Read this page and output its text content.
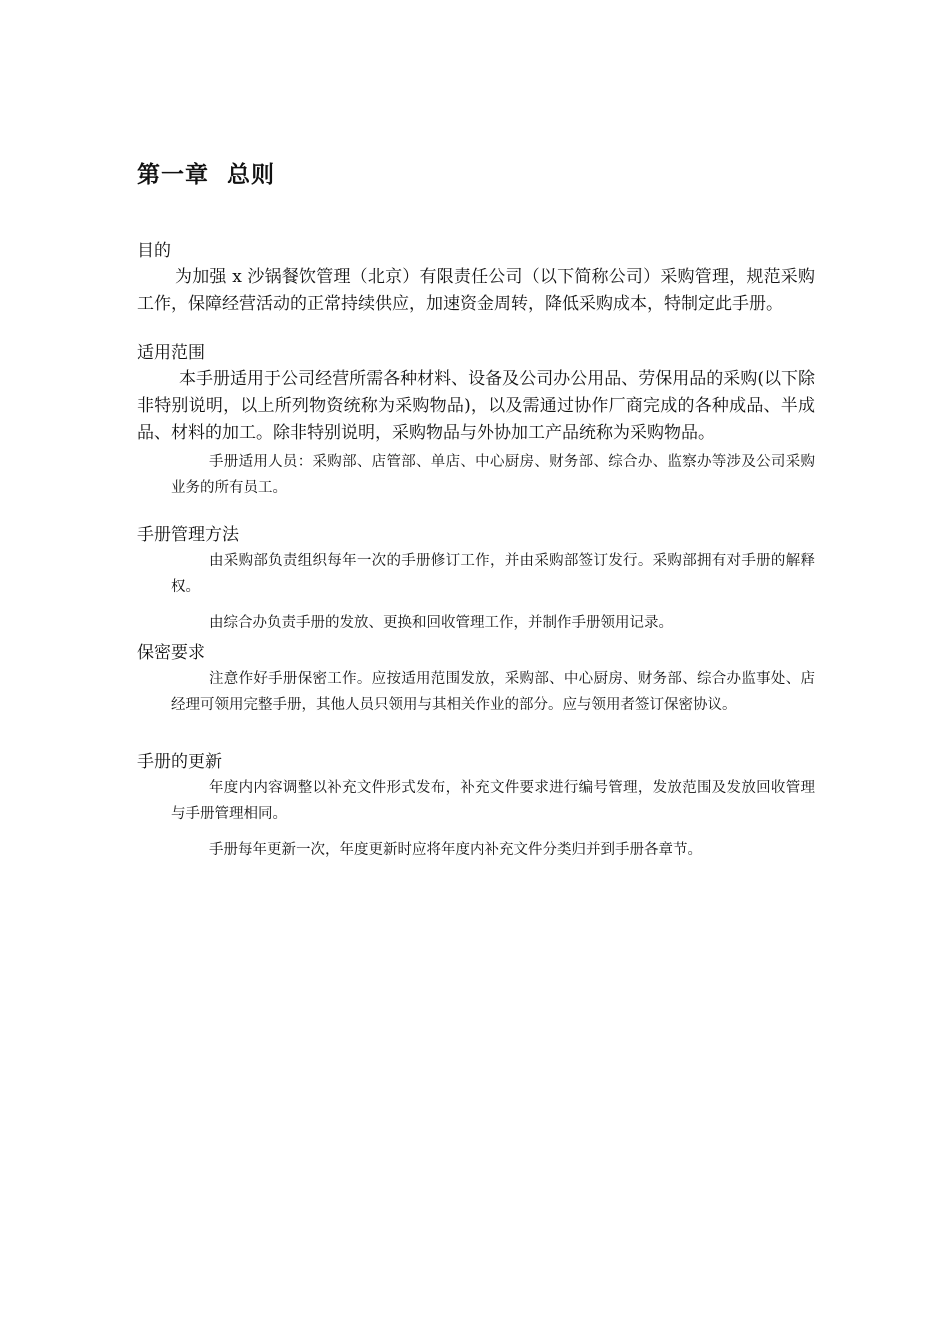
第一章  总则

目的

为加强 x 沙锅餐饮管理（北京）有限责任公司（以下简称公司）采购管理，规范采购工作，保障经营活动的正常持续供应，加速资金周转，降低采购成本，特制定此手册。

适用范围

本手册适用于公司经营所需各种材料、设备及公司办公用品、劳保用品的采购(以下除非特别说明，以上所列物资统称为采购物品)，以及需通过协作厂商完成的各种成品、半成品、材料的加工。除非特别说明，采购物品与外协加工产品统称为采购物品。

手册适用人员：采购部、店管部、单店、中心厨房、财务部、综合办、监察办等涉及公司采购业务的所有员工。

手册管理方法

由采购部负责组织每年一次的手册修订工作，并由采购部签订发行。采购部拥有对手册的解释权。

由综合办负责手册的发放、更换和回收管理工作，并制作手册领用记录。

保密要求

注意作好手册保密工作。应按适用范围发放，采购部、中心厨房、财务部、综合办监事处、店经理可领用完整手册，其他人员只领用与其相关作业的部分。应与领用者签订保密协议。

手册的更新

年度内内容调整以补充文件形式发布，补充文件要求进行编号管理，发放范围及发放回收管理与手册管理相同。

手册每年更新一次，年度更新时应将年度内补充文件分类归并到手册各章节。
